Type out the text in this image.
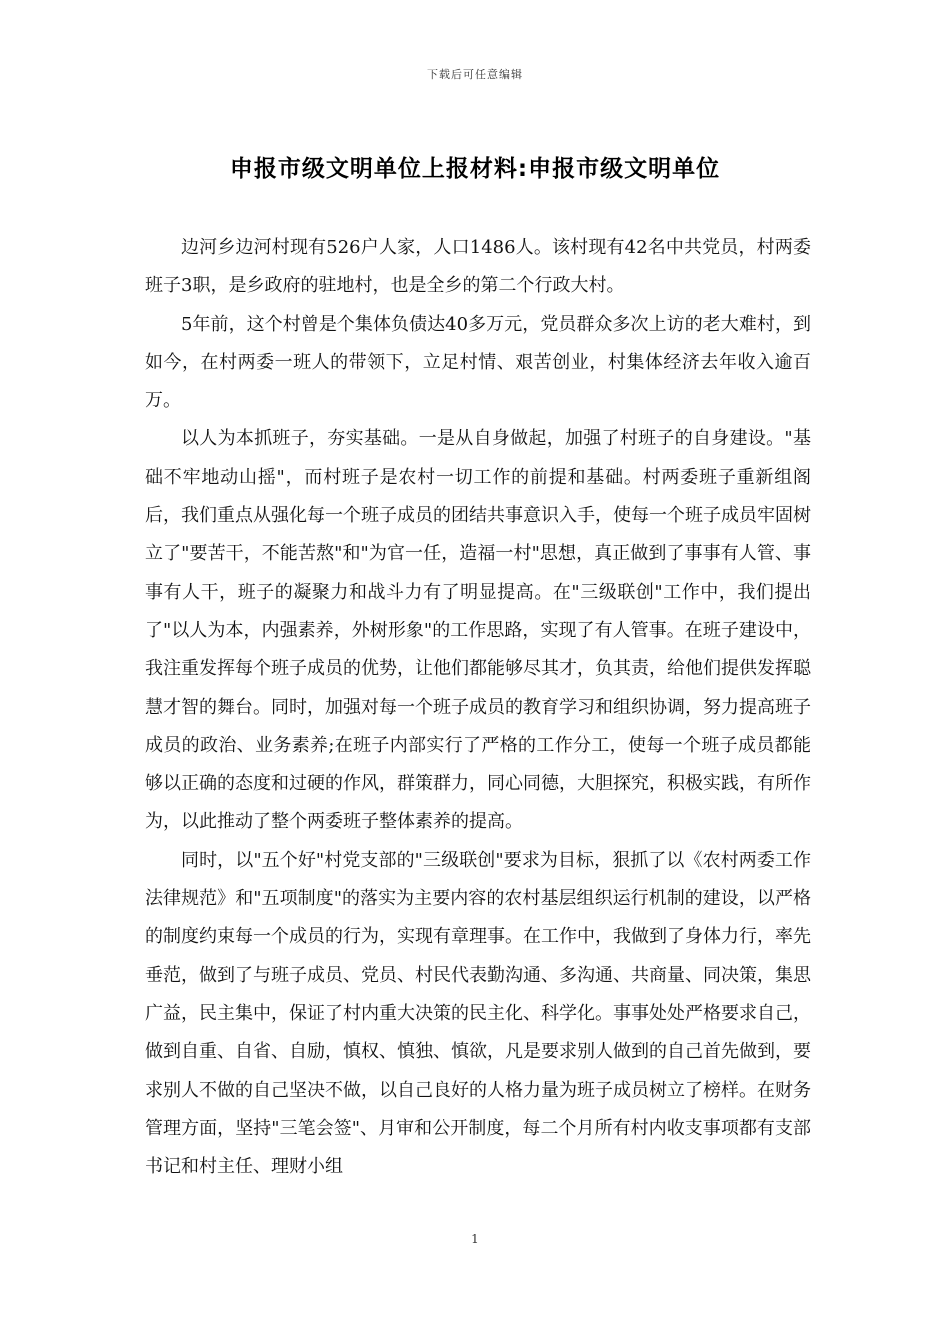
下载后可任意编辑
申报市级文明单位上报材料:申报市级文明单位

边河乡边河村现有526户人家，人口1486人。该村现有42名中共党员，村两委班子3职，是乡政府的驻地村，也是全乡的第二个行政大村。

5年前，这个村曾是个集体负债达40多万元，党员群众多次上访的老大难村，到如今，在村两委一班人的带领下，立足村情、艰苦创业，村集体经济去年收入逾百万。

以人为本抓班子，夯实基础。一是从自身做起，加强了村班子的自身建设。"基础不牢地动山摇"，而村班子是农村一切工作的前提和基础。村两委班子重新组阁后，我们重点从强化每一个班子成员的团结共事意识入手，使每一个班子成员牢固树立了"要苦干，不能苦熬"和"为官一任，造福一村"思想，真正做到了事事有人管、事事有人干，班子的凝聚力和战斗力有了明显提高。在"三级联创"工作中，我们提出了"以人为本，内强素养，外树形象"的工作思路，实现了有人管事。在班子建设中，我注重发挥每个班子成员的优势，让他们都能够尽其才，负其责，给他们提供发挥聪慧才智的舞台。同时，加强对每一个班子成员的教育学习和组织协调，努力提高班子成员的政治、业务素养;在班子内部实行了严格的工作分工，使每一个班子成员都能够以正确的态度和过硬的作风，群策群力，同心同德，大胆探究，积极实践，有所作为，以此推动了整个两委班子整体素养的提高。

同时，以"五个好"村党支部的"三级联创"要求为目标，狠抓了以《农村两委工作法律规范》和"五项制度"的落实为主要内容的农村基层组织运行机制的建设，以严格的制度约束每一个成员的行为，实现有章理事。在工作中，我做到了身体力行，率先垂范，做到了与班子成员、党员、村民代表勤沟通、多沟通、共商量、同决策，集思广益，民主集中，保证了村内重大决策的民主化、科学化。事事处处严格要求自己，做到自重、自省、自励，慎权、慎独、慎欲，凡是要求别人做到的自己首先做到，要求别人不做的自己坚决不做，以自己良好的人格力量为班子成员树立了榜样。在财务管理方面，坚持"三笔会签"、月审和公开制度，每二个月所有村内收支事项都有支部书记和村主任、理财小组

1
